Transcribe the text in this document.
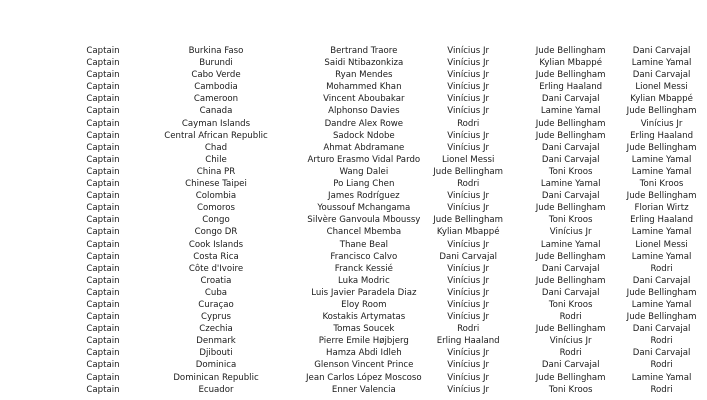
Captain	Burkina Faso	Bertrand Traore	Vinícius Jr	Jude Bellingham	Dani Carvajal
Captain	Burundi	Saidi Ntibazonkiza	Vinícius Jr	Kylian Mbappé	Lamine Yamal
Captain	Cabo Verde	Ryan Mendes	Vinícius Jr	Jude Bellingham	Dani Carvajal
Captain	Cambodia	Mohammed Khan	Vinícius Jr	Erling Haaland	Lionel Messi
Captain	Cameroon	Vincent Aboubakar	Vinícius Jr	Dani Carvajal	Kylian Mbappé
Captain	Canada	Alphonso Davies	Vinícius Jr	Lamine Yamal	Jude Bellingham
Captain	Cayman Islands	Dandre Alex Rowe	Rodri	Jude Bellingham	Vinícius Jr
Captain	Central African Republic	Sadock Ndobe	Vinícius Jr	Jude Bellingham	Erling Haaland
Captain	Chad	Ahmat Abdramane	Vinícius Jr	Dani Carvajal	Jude Bellingham
Captain	Chile	Arturo Erasmo Vidal Pardo	Lionel Messi	Dani Carvajal	Lamine Yamal
Captain	China PR	Wang Dalei	Jude Bellingham	Toni Kroos	Lamine Yamal
Captain	Chinese Taipei	Po Liang Chen	Rodri	Lamine Yamal	Toni Kroos
Captain	Colombia	James Rodríguez	Vinícius Jr	Dani Carvajal	Jude Bellingham
Captain	Comoros	Youssouf Mchangama	Vinícius Jr	Jude Bellingham	Florian Wirtz
Captain	Congo	Silvère Ganvoula Mboussy	Jude Bellingham	Toni Kroos	Erling Haaland
Captain	Congo DR	Chancel Mbemba	Kylian Mbappé	Vinícius Jr	Lamine Yamal
Captain	Cook Islands	Thane Beal	Vinícius Jr	Lamine Yamal	Lionel Messi
Captain	Costa Rica	Francisco Calvo	Dani Carvajal	Jude Bellingham	Lamine Yamal
Captain	Côte d'Ivoire	Franck Kessié	Vinícius Jr	Dani Carvajal	Rodri
Captain	Croatia	Luka Modric	Vinícius Jr	Jude Bellingham	Dani Carvajal
Captain	Cuba	Luis Javier Paradela Diaz	Vinícius Jr	Dani Carvajal	Jude Bellingham
Captain	Curaçao	Eloy Room	Vinícius Jr	Toni Kroos	Lamine Yamal
Captain	Cyprus	Kostakis Artymatas	Vinícius Jr	Rodri	Jude Bellingham
Captain	Czechia	Tomas Soucek	Rodri	Jude Bellingham	Dani Carvajal
Captain	Denmark	Pierre Emile Højbjerg	Erling Haaland	Vinícius Jr	Rodri
Captain	Djibouti	Hamza Abdi Idleh	Vinícius Jr	Rodri	Dani Carvajal
Captain	Dominica	Glenson Vincent Prince	Vinícius Jr	Dani Carvajal	Rodri
Captain	Dominican Republic	Jean Carlos López Moscoso	Vinícius Jr	Jude Bellingham	Lamine Yamal
Captain	Ecuador	Enner Valencia	Vinícius Jr	Toni Kroos	Rodri
